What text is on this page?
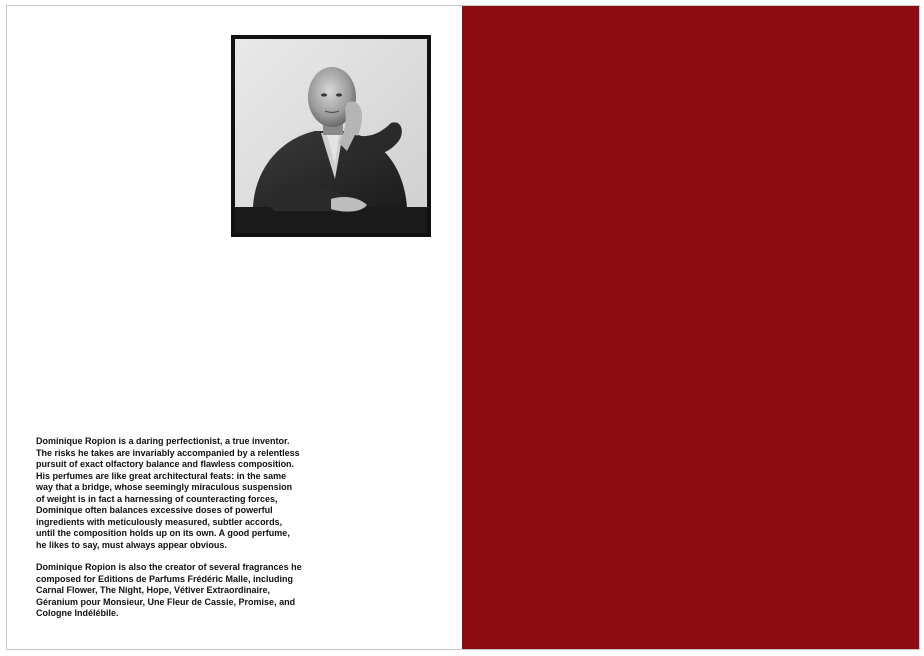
Dominique Ropion is a daring perfectionist, a true inventor.
The risks he takes are invariably accompanied by a relentless
pursuit of exact olfactory balance and flawless composition.
His perfumes are like great architectural feats: in the same
way that a bridge, whose seemingly miraculous suspension
of weight is in fact a harnessing of counteracting forces,
Dominique often balances excessive doses of powerful
ingredients with meticulously measured, subtler accords,
until the composition holds up on its own. A good perfume,
he likes to say, must always appear obvious.

Dominique Ropion is also the creator of several fragrances he
composed for Editions de Parfums Frédéric Malle, including
Carnal Flower, The Night, Hope, Vétiver Extraordinaire,
Géranium pour Monsieur, Une Fleur de Cassie, Promise, and
Cologne Indélébile.
